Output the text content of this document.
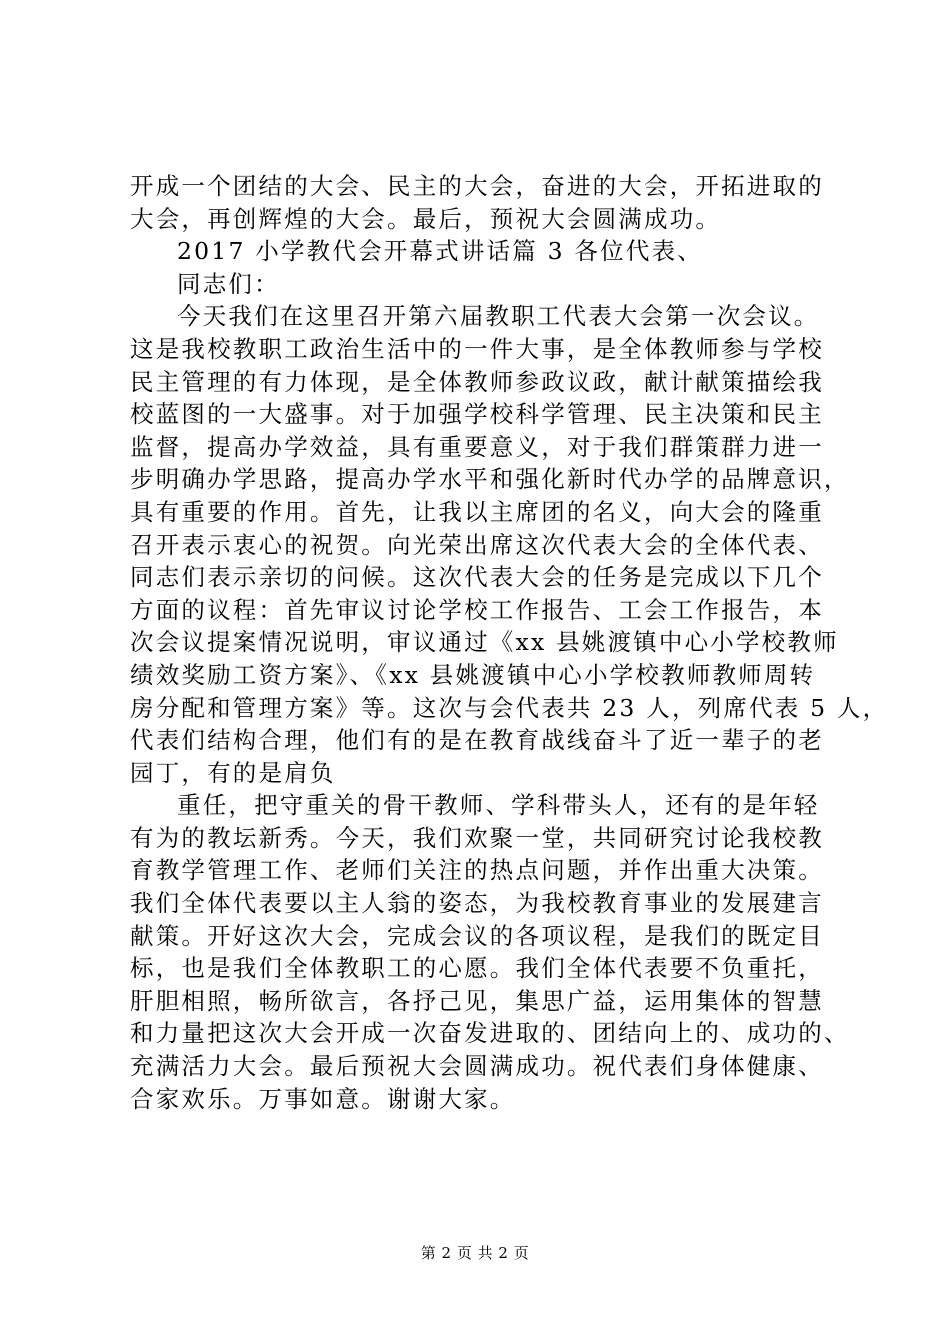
开成一个团结的大会、民主的大会，奋进的大会，开拓进取的
大会，再创辉煌的大会。最后，预祝大会圆满成功。
2017 小学教代会开幕式讲话篇 3 各位代表、
同志们：
今天我们在这里召开第六届教职工代表大会第一次会议。
这是我校教职工政治生活中的一件大事，是全体教师参与学校
民主管理的有力体现，是全体教师参政议政，献计献策描绘我
校蓝图的一大盛事。对于加强学校科学管理、民主决策和民主
监督，提高办学效益，具有重要意义，对于我们群策群力进一
步明确办学思路，提高办学水平和强化新时代办学的品牌意识，
具有重要的作用。首先，让我以主席团的名义，向大会的隆重
召开表示衷心的祝贺。向光荣出席这次代表大会的全体代表、
同志们表示亲切的问候。这次代表大会的任务是完成以下几个
方面的议程：首先审议讨论学校工作报告、工会工作报告，本
次会议提案情况说明，审议通过《xx 县姚渡镇中心小学校教师
绩效奖励工资方案》、《xx 县姚渡镇中心小学校教师教师周转
房分配和管理方案》等。这次与会代表共 23 人，列席代表 5 人，
代表们结构合理，他们有的是在教育战线奋斗了近一辈子的老
园丁，有的是肩负
重任，把守重关的骨干教师、学科带头人，还有的是年轻
有为的教坛新秀。今天，我们欢聚一堂，共同研究讨论我校教
育教学管理工作、老师们关注的热点问题，并作出重大决策。
我们全体代表要以主人翁的姿态，为我校教育事业的发展建言
献策。开好这次大会，完成会议的各项议程，是我们的既定目
标，也是我们全体教职工的心愿。我们全体代表要不负重托，
肝胆相照，畅所欲言，各抒己见，集思广益，运用集体的智慧
和力量把这次大会开成一次奋发进取的、团结向上的、成功的、
充满活力大会。最后预祝大会圆满成功。祝代表们身体健康、
合家欢乐。万事如意。谢谢大家。
第 2 页 共 2 页
